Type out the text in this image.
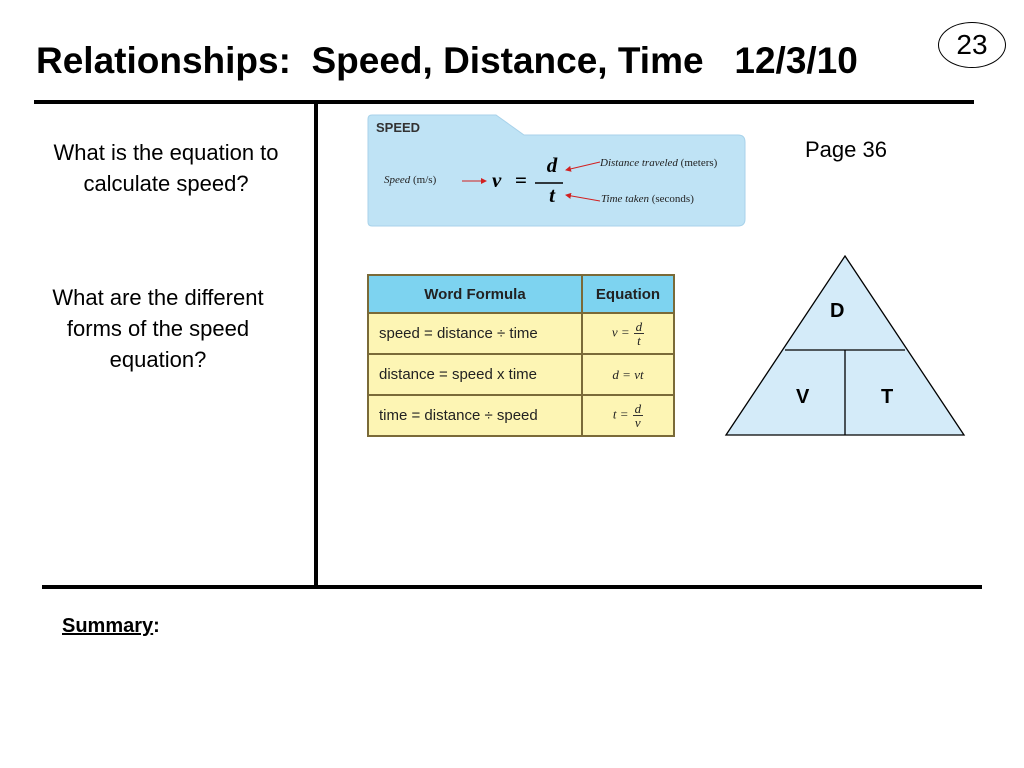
23
Relationships:  Speed, Distance, Time   12/3/10
What is the equation to calculate speed?
What are the different forms of the speed equation?
Page 36
SPEED
Speed (m/s)	v =
d
t
Distance traveled (meters)
Time taken (seconds)
Word Formula	Equation
speed = distance ÷ time	$v = \frac{d}{t}$

distance = speed x time	d = vt
time = distance ÷ speed	$t = \frac{d}{v}$
D
V	T
Summary:
